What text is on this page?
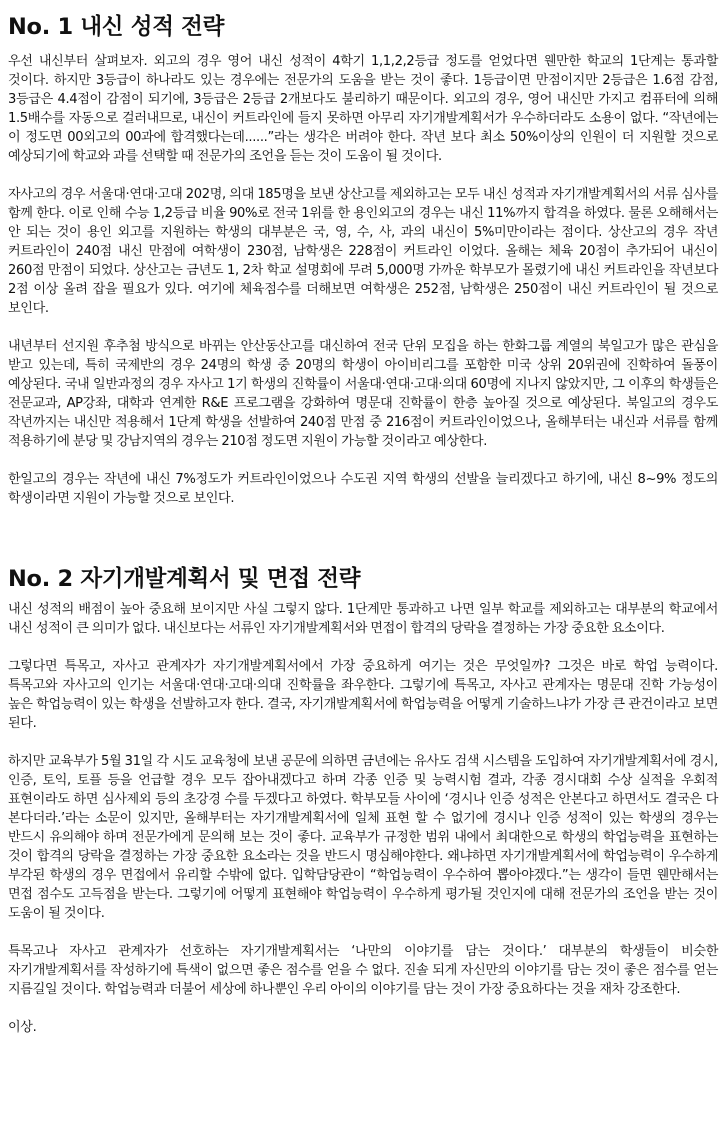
No. 1 내신 성적 전략

우선 내신부터 살펴보자. 외고의 경우 영어 내신 성적이 4학기 1,1,2,2등급 정도를 얻었다면 웬만한 학교의 1단계는 통과할 것이다. 하지만 3등급이 하나라도 있는 경우에는 전문가의 도움을 받는 것이 좋다. 1등급이면 만점이지만 2등급은 1.6점 감점, 3등급은 4.4점이 감점이 되기에, 3등급은 2등급 2개보다도 불리하기 때문이다. 외고의 경우, 영어 내신만 가지고 컴퓨터에 의해 1.5배수를 자동으로 걸러내므로, 내신이 커트라인에 들지 못하면 아무리 자기개발계획서가 우수하더라도 소용이 없다. “작년에는 이 정도면 00외고의 00과에 합격했다는데......”라는 생각은 버려야 한다. 작년 보다 최소 50%이상의 인원이 더 지원할 것으로 예상되기에 학교와 과를 선택할 때 전문가의 조언을 듣는 것이 도움이 될 것이다.

자사고의 경우 서울대·연대·고대 202명, 의대 185명을 보낸 상산고를 제외하고는 모두 내신 성적과 자기개발계획서의 서류 심사를 함께 한다. 이로 인해 수능 1,2등급 비율 90%로 전국 1위를 한 용인외고의 경우는 내신 11%까지 합격을 하였다. 물론 오해해서는 안 되는 것이 용인 외고를 지원하는 학생의 대부분은 국, 영, 수, 사, 과의 내신이 5%미만이라는 점이다. 상산고의 경우 작년 커트라인이 240점 내신 만점에 여학생이 230점, 남학생은 228점이 커트라인 이었다. 올해는 체육 20점이 추가되어 내신이 260점 만점이 되었다. 상산고는 금년도 1, 2차 학교 설명회에 무려 5,000명 가까운 학부모가 몰렸기에 내신 커트라인을 작년보다 2점 이상 올려 잡을 필요가 있다. 여기에 체육점수를 더해보면 여학생은 252점, 남학생은 250점이 내신 커트라인이 될 것으로 보인다.

내년부터 선지원 후추첨 방식으로 바뀌는 안산동산고를 대신하여 전국 단위 모집을 하는 한화그룹 계열의 북일고가 많은 관심을 받고 있는데, 특히 국제반의 경우 24명의 학생 중 20명의 학생이 아이비리그를 포함한 미국 상위 20위권에 진학하여 돌풍이 예상된다. 국내 일반과정의 경우 자사고 1기 학생의 진학률이 서울대·연대·고대·의대 60명에 지나지 않았지만, 그 이후의 학생들은 전문교과, AP강좌, 대학과 연계한 R&E 프로그램을 강화하여 명문대 진학률이 한층 높아질 것으로 예상된다. 북일고의 경우도 작년까지는 내신만 적용해서 1단계 학생을 선발하여 240점 만점 중 216점이 커트라인이었으나, 올해부터는 내신과 서류를 함께 적용하기에 분당 및 강남지역의 경우는 210점 정도면 지원이 가능할 것이라고 예상한다.

한일고의 경우는 작년에 내신 7%정도가 커트라인이었으나 수도권 지역 학생의 선발을 늘리겠다고 하기에, 내신 8~9% 정도의 학생이라면 지원이 가능할 것으로 보인다.

No. 2 자기개발계획서 및 면접 전략

내신 성적의 배점이 높아 중요해 보이지만 사실 그렇지 않다. 1단계만 통과하고 나면 일부 학교를 제외하고는 대부분의 학교에서 내신 성적이 큰 의미가 없다. 내신보다는 서류인 자기개발계획서와 면접이 합격의 당락을 결정하는 가장 중요한 요소이다.

그렇다면 특목고, 자사고 관계자가 자기개발계획서에서 가장 중요하게 여기는 것은 무엇일까? 그것은 바로 학업 능력이다. 특목고와 자사고의 인기는 서울대·연대·고대·의대 진학률을 좌우한다. 그렇기에 특목고, 자사고 관계자는 명문대 진학 가능성이 높은 학업능력이 있는 학생을 선발하고자 한다. 결국, 자기개발계획서에 학업능력을 어떻게 기술하느냐가 가장 큰 관건이라고 보면 된다.

하지만 교육부가 5월 31일 각 시도 교육청에 보낸 공문에 의하면 금년에는 유사도 검색 시스템을 도입하여 자기개발계획서에 경시, 인증, 토익, 토플 등을 언급할 경우 모두 잡아내겠다고 하며 각종 인증 및 능력시험 결과, 각종 경시대회 수상 실적을 우회적 표현이라도 하면 심사제외 등의 초강경 수를 두겠다고 하였다. 학부모들 사이에 ‘경시나 인증 성적은 안본다고 하면서도 결국은 다 본다더라.’라는 소문이 있지만, 올해부터는 자기개발계획서에 일체 표현 할 수 없기에 경시나 인증 성적이 있는 학생의 경우는 반드시 유의해야 하며 전문가에게 문의해 보는 것이 좋다. 교육부가 규정한 범위 내에서 최대한으로 학생의 학업능력을 표현하는 것이 합격의 당락을 결정하는 가장 중요한 요소라는 것을 반드시 명심해야한다. 왜냐하면 자기개발계획서에 학업능력이 우수하게 부각된 학생의 경우 면접에서 유리할 수밖에 없다. 입학담당관이 “학업능력이 우수하여 뽑아야겠다.”는 생각이 들면 웬만해서는 면접 점수도 고득점을 받는다. 그렇기에 어떻게 표현해야 학업능력이 우수하게 평가될 것인지에 대해 전문가의 조언을 받는 것이 도움이 될 것이다.

특목고나 자사고 관계자가 선호하는 자기개발계획서는 ‘나만의 이야기를 담는 것이다.’ 대부분의 학생들이 비슷한 자기개발계획서를 작성하기에 특색이 없으면 좋은 점수를 얻을 수 없다. 진솔 되게 자신만의 이야기를 담는 것이 좋은 점수를 얻는 지름길일 것이다. 학업능력과 더불어 세상에 하나뿐인 우리 아이의 이야기를 담는 것이 가장 중요하다는 것을 재차 강조한다.

이상.
